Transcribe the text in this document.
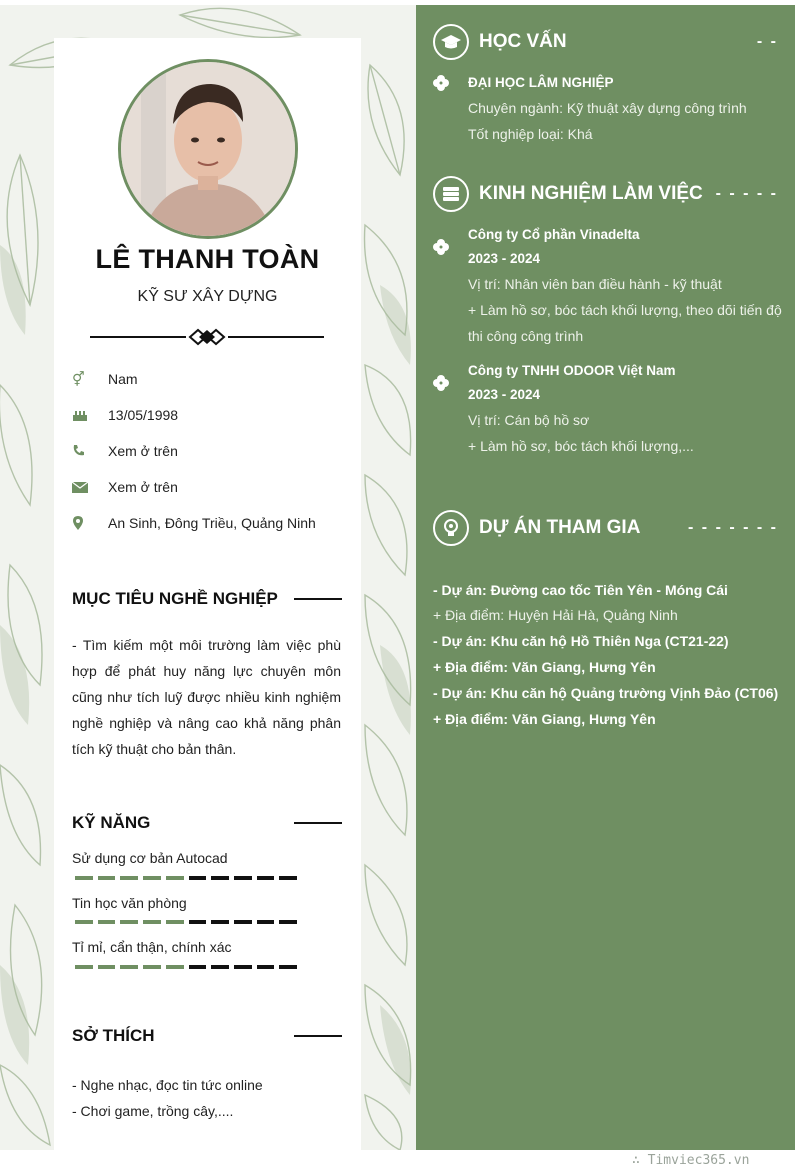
LÊ THANH TOÀN
KỸ SƯ XÂY DỰNG
⚥	Nam
13/05/1998
Xem ở trên
Xem ở trên
An Sinh, Đông Triều, Quảng Ninh
MỤC TIÊU NGHỀ NGHIỆP
- Tìm kiếm một môi trường làm việc phù hợp để phát huy năng lực chuyên môn cũng như tích luỹ được nhiều kinh nghiệm nghề nghiệp và nâng cao khả năng phân tích kỹ thuật cho bản thân.
KỸ NĂNG
Sử dụng cơ bản Autocad
Tin học văn phòng
Tỉ mỉ, cẩn thận, chính xác
SỞ THÍCH
- Nghe nhạc, đọc tin tức online
- Chơi game, trồng cây,....
HỌC VẤN	- -
ĐẠI HỌC LÂM NGHIỆP
Chuyên ngành: Kỹ thuật xây dựng công trình
Tốt nghiệp loại: Khá
KINH NGHIỆM LÀM VIỆC - - - - -
Công ty Cổ phần Vinadelta
2023 - 2024
Vị trí: Nhân viên ban điều hành - kỹ thuật
+ Làm hồ sơ, bóc tách khối lượng, theo dõi tiến độ
thi công công trình
Công ty TNHH ODOOR Việt Nam
2023 - 2024
Vị trí: Cán bộ hồ sơ
+ Làm hồ sơ, bóc tách khối lượng,...
DỰ ÁN THAM GIA	- - - - - - -
- Dự án: Đường cao tốc Tiên Yên - Móng Cái
+ Địa điểm: Huyện Hải Hà, Quảng Ninh
- Dự án: Khu căn hộ Hồ Thiên Nga (CT21-22)
+ Địa điểm: Văn Giang, Hưng Yên
- Dự án: Khu căn hộ Quảng trường Vịnh Đảo (CT06)
+ Địa điểm: Văn Giang, Hưng Yên
∴ Timviec365.vn
